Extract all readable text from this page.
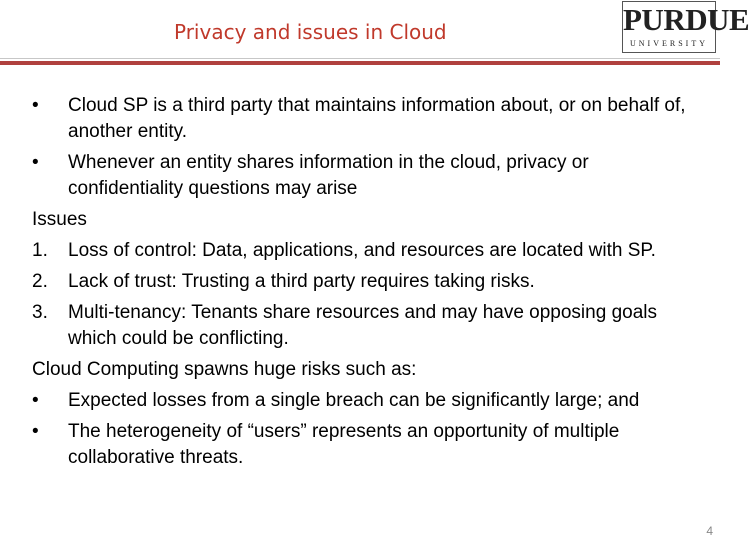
Privacy and issues in Cloud	PURDUE
UNIVERSITY
• Cloud SP is a third party that maintains information about, or on behalf of, another entity.
• Whenever an entity shares information in the cloud, privacy or confidentiality questions may arise
Issues
1. Loss of control: Data, applications, and resources are located with SP.
2. Lack of trust: Trusting a third party requires taking risks.
3. Multi-tenancy: Tenants share resources and may have opposing goals which could be conflicting.
Cloud Computing spawns huge risks such as:
• Expected losses from a single breach can be significantly large; and
• The heterogeneity of “users” represents an opportunity of multiple collaborative threats.
4
